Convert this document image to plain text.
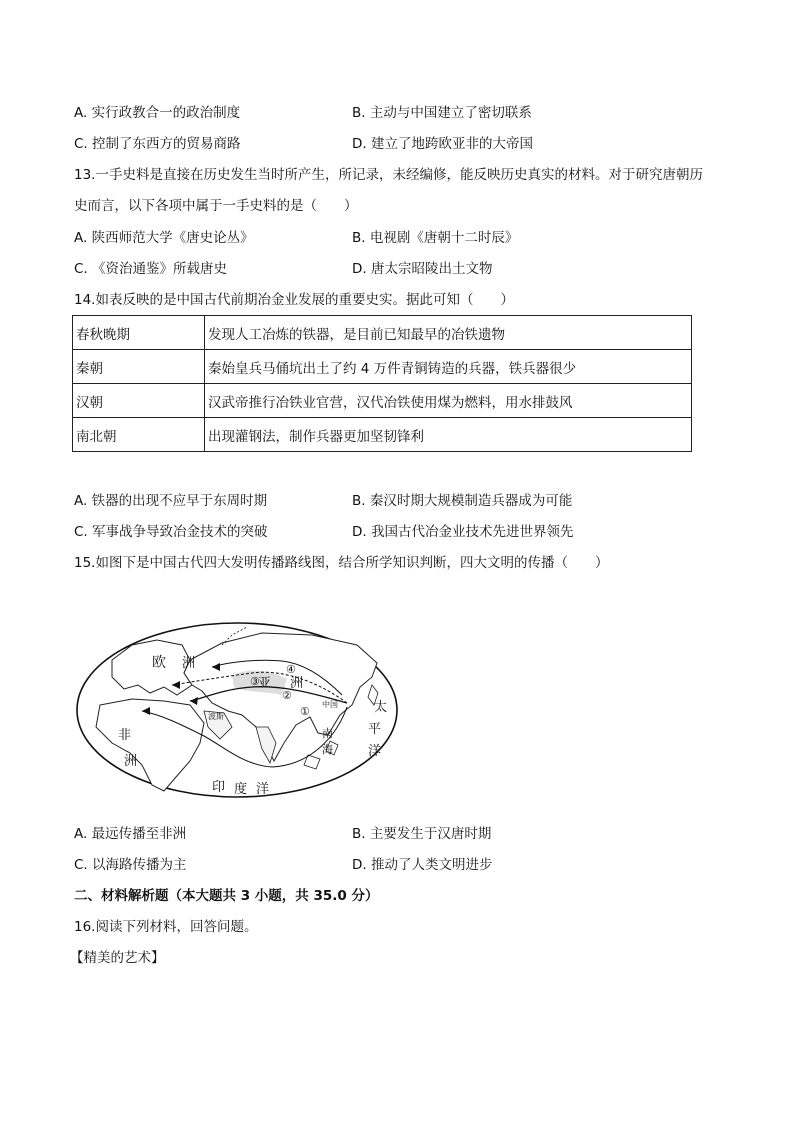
A. 实行政教合一的政治制度	B. 主动与中国建立了密切联系
C. 控制了东西方的贸易商路	D. 建立了地跨欧亚非的大帝国
13.一手史料是直接在历史发生当时所产生，所记录，未经编修，能反映历史真实的材料。对于研究唐朝历
史而言，以下各项中属于一手史料的是（　　）
A. 陕西师范大学《唐史论丛》	B. 电视剧《唐朝十二时辰》
C. 《资治通鉴》所载唐史	D. 唐太宗昭陵出土文物
14.如表反映的是中国古代前期冶金业发展的重要史实。据此可知（　　）
春秋晚期	发现人工冶炼的铁器，是目前已知最早的冶铁遗物
秦朝	秦始皇兵马俑坑出土了约 4 万件青铜铸造的兵器，铁兵器很少
汉朝	汉武帝推行冶铁业官营，汉代冶铁使用煤为燃料，用水排鼓风
南北朝	出现灌钢法，制作兵器更加坚韧锋利
A. 铁器的出现不应早于东周时期	B. 秦汉时期大规模制造兵器成为可能
C. 军事战争导致冶金技术的突破	D. 我国古代冶金业技术先进世界领先
15.如图下是中国古代四大发明传播路线图，结合所学知识判断，四大文明的传播（　　）
欧 洲
亚 洲
非
洲
印 度 洋
太
平
洋
南
海
中国
波斯	①
②
③
④
A. 最远传播至非洲	B. 主要发生于汉唐时期
C. 以海路传播为主	D. 推动了人类文明进步
二、材料解析题（本大题共 3 小题，共 35.0 分）
16.阅读下列材料，回答问题。
【精美的艺术】
